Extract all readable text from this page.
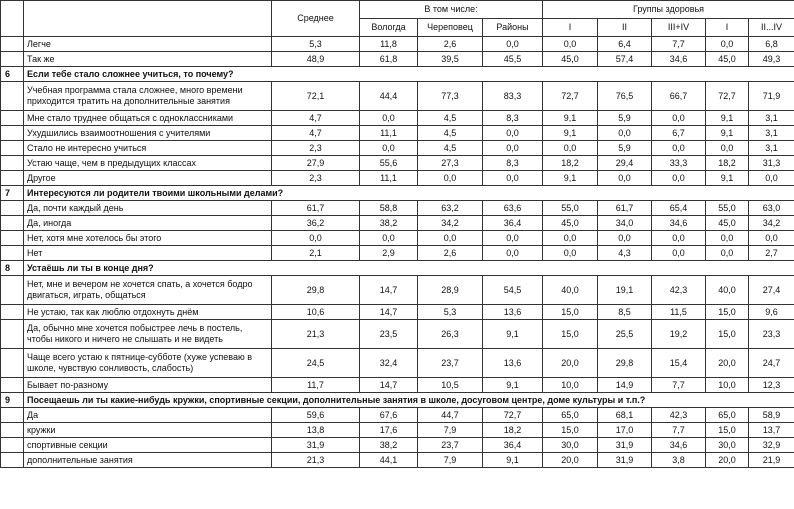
		Среднее	В том числе:			Группы здоровья				
			Вологда	Череповец	Районы	I	II	III+IV	I	II...IV
	Легче	5,3	11,8	2,6	0,0	0,0	6,4	7,7	0,0	6,8
	Так же	48,9	61,8	39,5	45,5	45,0	57,4	34,6	45,0	49,3
6	Если тебе стало сложнее учиться, то почему?									
	Учебная программа стала сложнее, много времени приходится тратить на дополнительные занятия	72,1	44,4	77,3	83,3	72,7	76,5	66,7	72,7	71,9
	Мне стало труднее общаться с одноклассниками	4,7	0,0	4,5	8,3	9,1	5,9	0,0	9,1	3,1
	Ухудшились взаимоотношения с учителями	4,7	11,1	4,5	0,0	9,1	0,0	6,7	9,1	3,1
	Стало не интересно учиться	2,3	0,0	4,5	0,0	0,0	5,9	0,0	0,0	3,1
	Устаю чаще, чем в предыдущих классах	27,9	55,6	27,3	8,3	18,2	29,4	33,3	18,2	31,3
	Другое	2,3	11,1	0,0	0,0	9,1	0,0	0,0	9,1	0,0
7	Интересуются ли родители твоими школьными делами?									
	Да, почти каждый день	61,7	58,8	63,2	63,6	55,0	61,7	65,4	55,0	63,0
	Да, иногда	36,2	38,2	34,2	36,4	45,0	34,0	34,6	45,0	34,2
	Нет, хотя мне хотелось бы этого	0,0	0,0	0,0	0,0	0,0	0,0	0,0	0,0	0,0
	Нет	2,1	2,9	2,6	0,0	0,0	4,3	0,0	0,0	2,7
8	Устаёшь ли ты в конце дня?									
	Нет, мне и вечером не хочется спать, а хочется бодро двигаться, играть, общаться	29,8	14,7	28,9	54,5	40,0	19,1	42,3	40,0	27,4
	Не устаю, так как люблю отдохнуть днём	10,6	14,7	5,3	13,6	15,0	8,5	11,5	15,0	9,6
	Да, обычно мне хочется побыстрее лечь в постель, чтобы никого и ничего не слышать и не видеть	21,3	23,5	26,3	9,1	15,0	25,5	19,2	15,0	23,3
	Чаще всего устаю к пятнице-субботе (хуже успеваю в школе, чувствую сонливость, слабость)	24,5	32,4	23,7	13,6	20,0	29,8	15,4	20,0	24,7
	Бывает по-разному	11,7	14,7	10,5	9,1	10,0	14,9	7,7	10,0	12,3
9	Посещаешь ли ты какие-нибудь кружки, спортивные секции, дополнительные занятия в школе, досуговом центре, доме культуры и т.п.?									
	Да	59,6	67,6	44,7	72,7	65,0	68,1	42,3	65,0	58,9
	кружки	13,8	17,6	7,9	18,2	15,0	17,0	7,7	15,0	13,7
	спортивные секции	31,9	38,2	23,7	36,4	30,0	31,9	34,6	30,0	32,9
	дополнительные занятия	21,3	44,1	7,9	9,1	20,0	31,9	3,8	20,0	21,9
